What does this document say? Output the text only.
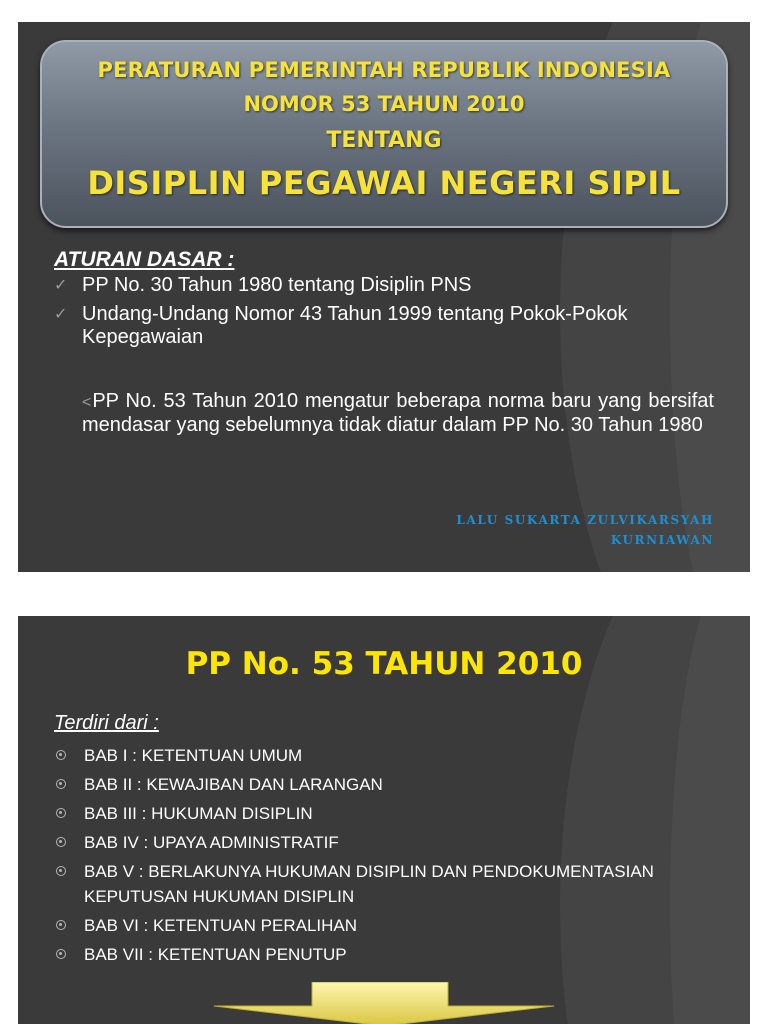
PERATURAN PEMERINTAH REPUBLIK INDONESIA
NOMOR 53 TAHUN 2010
TENTANG
DISIPLIN PEGAWAI NEGERI SIPIL
ATURAN DASAR :
✓ PP No. 30 Tahun 1980 tentang Disiplin PNS
✓ Undang-Undang Nomor 43 Tahun 1999 tentang Pokok-Pokok Kepegawaian
<PP No. 53 Tahun 2010 mengatur beberapa norma baru yang bersifat mendasar yang sebelumnya tidak diatur dalam PP No. 30 Tahun 1980
LALU SUKARTA ZULVIKARSYAH
KURNIAWAN
PP No. 53 TAHUN 2010
Terdiri dari :
BAB I : KETENTUAN UMUM
BAB II : KEWAJIBAN DAN LARANGAN
BAB III : HUKUMAN DISIPLIN
BAB IV : UPAYA ADMINISTRATIF
BAB V : BERLAKUNYA HUKUMAN DISIPLIN DAN PENDOKUMENTASIAN KEPUTUSAN HUKUMAN DISIPLIN
BAB VI : KETENTUAN PERALIHAN
BAB VII : KETENTUAN PENUTUP
